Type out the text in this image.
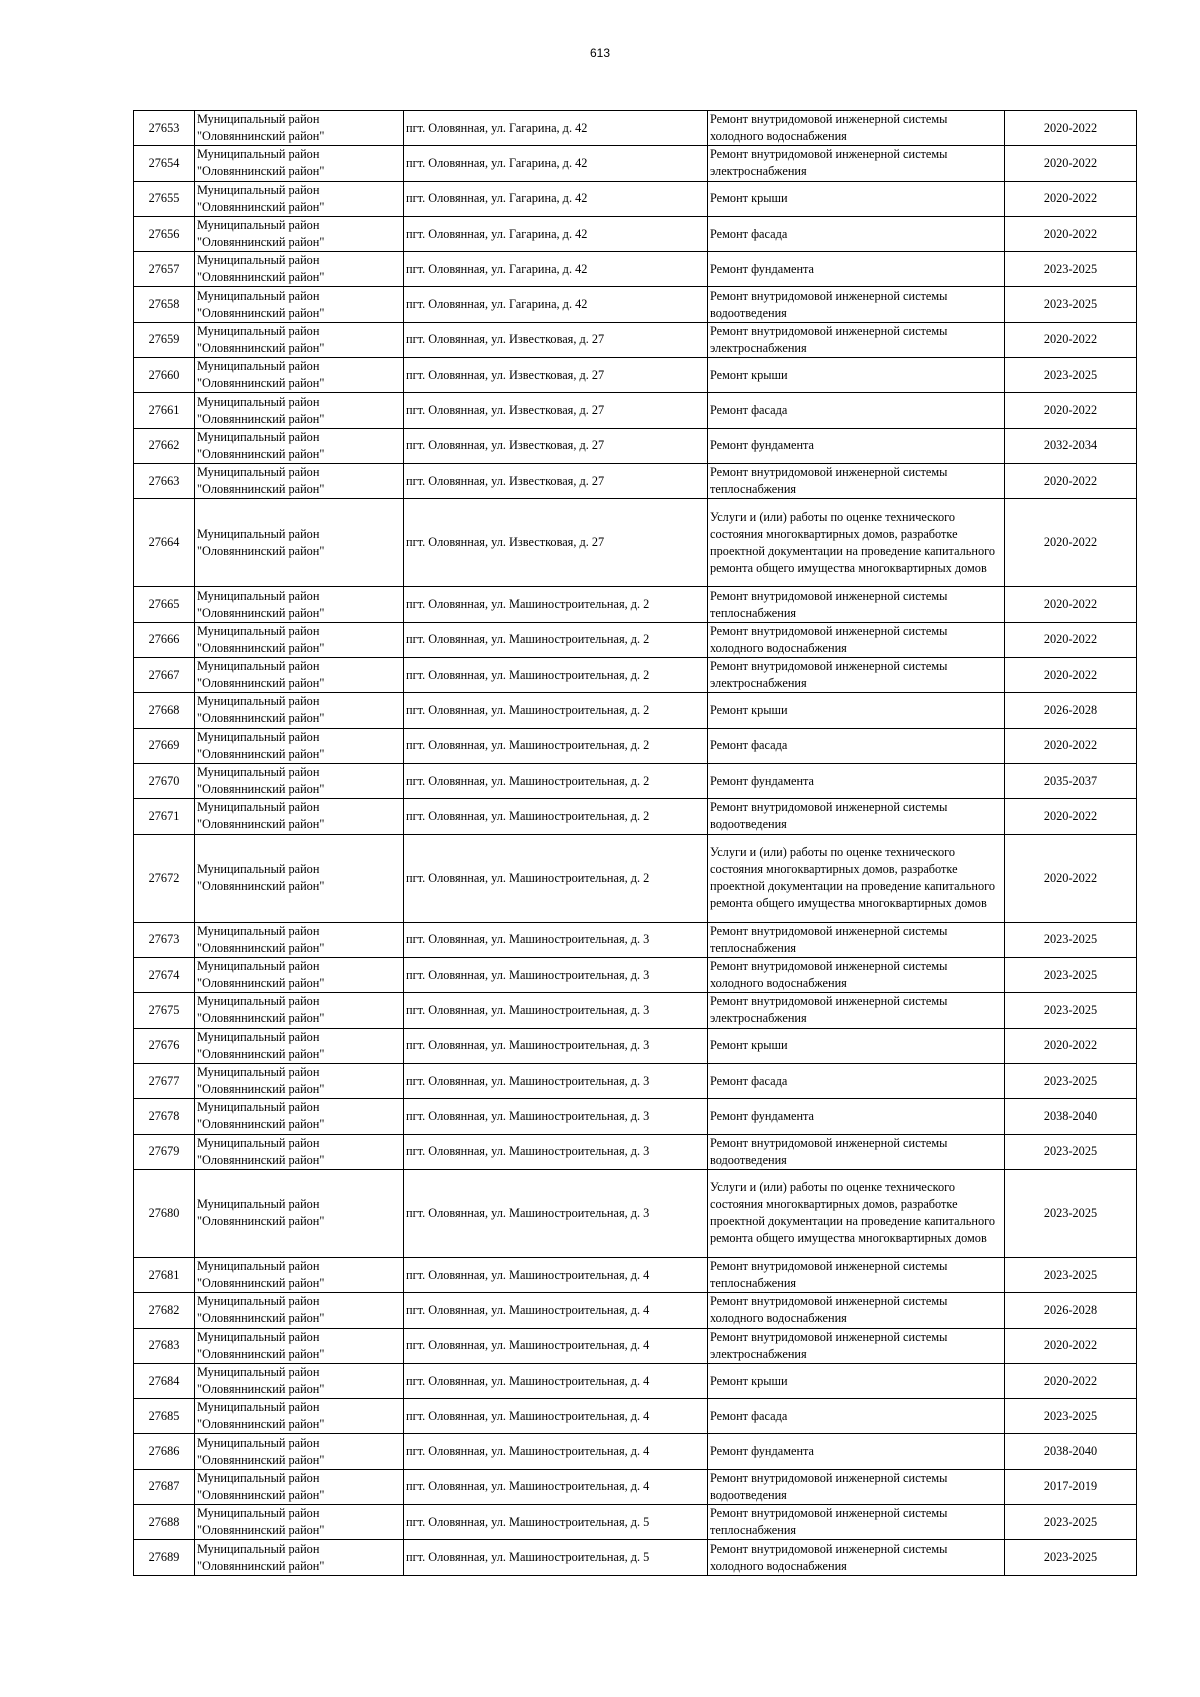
613
27653	Муниципальный район "Оловяннинский район"	пгт. Оловянная, ул. Гагарина, д. 42	Ремонт внутридомовой инженерной системы холодного водоснабжения	2020-2022
27654	Муниципальный район "Оловяннинский район"	пгт. Оловянная, ул. Гагарина, д. 42	Ремонт внутридомовой инженерной системы электроснабжения	2020-2022
27655	Муниципальный район "Оловяннинский район"	пгт. Оловянная, ул. Гагарина, д. 42	Ремонт крыши	2020-2022
27656	Муниципальный район "Оловяннинский район"	пгт. Оловянная, ул. Гагарина, д. 42	Ремонт фасада	2020-2022
27657	Муниципальный район "Оловяннинский район"	пгт. Оловянная, ул. Гагарина, д. 42	Ремонт фундамента	2023-2025
27658	Муниципальный район "Оловяннинский район"	пгт. Оловянная, ул. Гагарина, д. 42	Ремонт внутридомовой инженерной системы водоотведения	2023-2025
27659	Муниципальный район "Оловяннинский район"	пгт. Оловянная, ул. Известковая, д. 27	Ремонт внутридомовой инженерной системы электроснабжения	2020-2022
27660	Муниципальный район "Оловяннинский район"	пгт. Оловянная, ул. Известковая, д. 27	Ремонт крыши	2023-2025
27661	Муниципальный район "Оловяннинский район"	пгт. Оловянная, ул. Известковая, д. 27	Ремонт фасада	2020-2022
27662	Муниципальный район "Оловяннинский район"	пгт. Оловянная, ул. Известковая, д. 27	Ремонт фундамента	2032-2034
27663	Муниципальный район "Оловяннинский район"	пгт. Оловянная, ул. Известковая, д. 27	Ремонт внутридомовой инженерной системы теплоснабжения	2020-2022
27664	Муниципальный район "Оловяннинский район"	пгт. Оловянная, ул. Известковая, д. 27	Услуги и (или) работы по оценке технического состояния многоквартирных домов, разработке проектной документации на проведение капитального ремонта общего имущества многоквартирных домов	2020-2022
27665	Муниципальный район "Оловяннинский район"	пгт. Оловянная, ул. Машиностроительная, д. 2	Ремонт внутридомовой инженерной системы теплоснабжения	2020-2022
27666	Муниципальный район "Оловяннинский район"	пгт. Оловянная, ул. Машиностроительная, д. 2	Ремонт внутридомовой инженерной системы холодного водоснабжения	2020-2022
27667	Муниципальный район "Оловяннинский район"	пгт. Оловянная, ул. Машиностроительная, д. 2	Ремонт внутридомовой инженерной системы электроснабжения	2020-2022
27668	Муниципальный район "Оловяннинский район"	пгт. Оловянная, ул. Машиностроительная, д. 2	Ремонт крыши	2026-2028
27669	Муниципальный район "Оловяннинский район"	пгт. Оловянная, ул. Машиностроительная, д. 2	Ремонт фасада	2020-2022
27670	Муниципальный район "Оловяннинский район"	пгт. Оловянная, ул. Машиностроительная, д. 2	Ремонт фундамента	2035-2037
27671	Муниципальный район "Оловяннинский район"	пгт. Оловянная, ул. Машиностроительная, д. 2	Ремонт внутридомовой инженерной системы водоотведения	2020-2022
27672	Муниципальный район "Оловяннинский район"	пгт. Оловянная, ул. Машиностроительная, д. 2	Услуги и (или) работы по оценке технического состояния многоквартирных домов, разработке проектной документации на проведение капитального ремонта общего имущества многоквартирных домов	2020-2022
27673	Муниципальный район "Оловяннинский район"	пгт. Оловянная, ул. Машиностроительная, д. 3	Ремонт внутридомовой инженерной системы теплоснабжения	2023-2025
27674	Муниципальный район "Оловяннинский район"	пгт. Оловянная, ул. Машиностроительная, д. 3	Ремонт внутридомовой инженерной системы холодного водоснабжения	2023-2025
27675	Муниципальный район "Оловяннинский район"	пгт. Оловянная, ул. Машиностроительная, д. 3	Ремонт внутридомовой инженерной системы электроснабжения	2023-2025
27676	Муниципальный район "Оловяннинский район"	пгт. Оловянная, ул. Машиностроительная, д. 3	Ремонт крыши	2020-2022
27677	Муниципальный район "Оловяннинский район"	пгт. Оловянная, ул. Машиностроительная, д. 3	Ремонт фасада	2023-2025
27678	Муниципальный район "Оловяннинский район"	пгт. Оловянная, ул. Машиностроительная, д. 3	Ремонт фундамента	2038-2040
27679	Муниципальный район "Оловяннинский район"	пгт. Оловянная, ул. Машиностроительная, д. 3	Ремонт внутридомовой инженерной системы водоотведения	2023-2025
27680	Муниципальный район "Оловяннинский район"	пгт. Оловянная, ул. Машиностроительная, д. 3	Услуги и (или) работы по оценке технического состояния многоквартирных домов, разработке проектной документации на проведение капитального ремонта общего имущества многоквартирных домов	2023-2025
27681	Муниципальный район "Оловяннинский район"	пгт. Оловянная, ул. Машиностроительная, д. 4	Ремонт внутридомовой инженерной системы теплоснабжения	2023-2025
27682	Муниципальный район "Оловяннинский район"	пгт. Оловянная, ул. Машиностроительная, д. 4	Ремонт внутридомовой инженерной системы холодного водоснабжения	2026-2028
27683	Муниципальный район "Оловяннинский район"	пгт. Оловянная, ул. Машиностроительная, д. 4	Ремонт внутридомовой инженерной системы электроснабжения	2020-2022
27684	Муниципальный район "Оловяннинский район"	пгт. Оловянная, ул. Машиностроительная, д. 4	Ремонт крыши	2020-2022
27685	Муниципальный район "Оловяннинский район"	пгт. Оловянная, ул. Машиностроительная, д. 4	Ремонт фасада	2023-2025
27686	Муниципальный район "Оловяннинский район"	пгт. Оловянная, ул. Машиностроительная, д. 4	Ремонт фундамента	2038-2040
27687	Муниципальный район "Оловяннинский район"	пгт. Оловянная, ул. Машиностроительная, д. 4	Ремонт внутридомовой инженерной системы водоотведения	2017-2019
27688	Муниципальный район "Оловяннинский район"	пгт. Оловянная, ул. Машиностроительная, д. 5	Ремонт внутридомовой инженерной системы теплоснабжения	2023-2025
27689	Муниципальный район "Оловяннинский район"	пгт. Оловянная, ул. Машиностроительная, д. 5	Ремонт внутридомовой инженерной системы холодного водоснабжения	2023-2025
